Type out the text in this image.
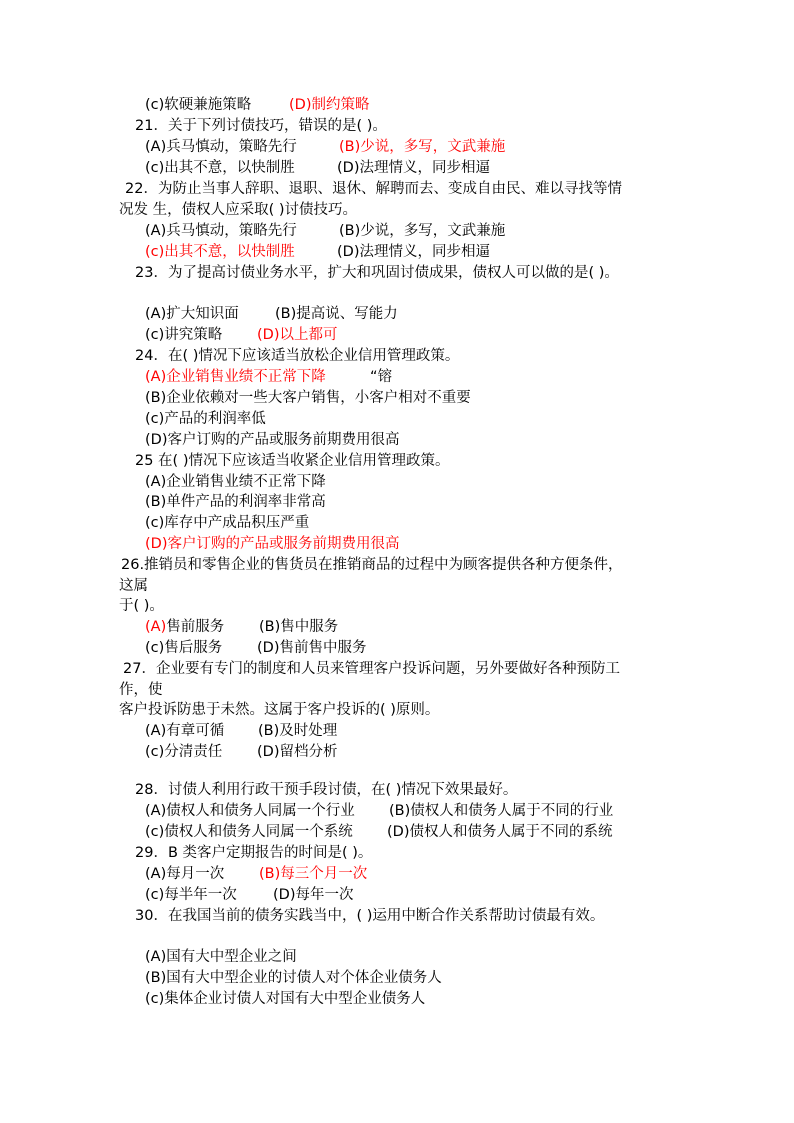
(c)软硬兼施策略	(D)制约策略
21．关于下列讨债技巧，错误的是( )。
(A)兵马慎动，策略先行	(B)少说，多写，文武兼施
(c)出其不意，以快制胜	(D)法理情义，同步相逼
22．为防止当事人辞职、退职、退休、解聘而去、变成自由民、难以寻找等情
况发 生，债权人应采取( )讨债技巧。
(A)兵马慎动，策略先行	(B)少说，多写，文武兼施
(c)出其不意，以快制胜	(D)法理情义，同步相逼
23．为了提高讨债业务水平，扩大和巩固讨债成果，债权人可以做的是( )。
(A)扩大知识面	(B)提高说、写能力
(c)讲究策略 (D)以上都可
24．在( )情况下应该适当放松企业信用管理政策。
(A)企业销售业绩不正常下降	“镕
(B)企业依赖对一些大客户销售，小客户相对不重要
(c)产品的利润率低
(D)客户订购的产品或服务前期费用很高
25 在( )情况下应该适当收紧企业信用管理政策。
(A)企业销售业绩不正常下降
(B)单件产品的利润率非常高
(c)库存中产成品积压严重
(D)客户订购的产品或服务前期费用很高
26.推销员和零售企业的售货员在推销商品的过程中为顾客提供各种方便条件，
这属
于( )。
(A)售前服务 (B)售中服务
(c)售后服务 (D)售前售中服务
27．企业要有专门的制度和人员来管理客户投诉问题，另外要做好各种预防工
作，使
客户投诉防患于未然。这属于客户投诉的( )原则。
(A)有章可循 (B)及时处理
(c)分清责任 (D)留档分析
28．讨债人利用行政干预手段讨债，在( )情况下效果最好。
(A)债权人和债务人同属一个行业 (B)债权人和债务人属于不同的行业
(c)债权人和债务人同属一个系统 (D)债权人和债务人属于不同的系统
29．B 类客户定期报告的时间是( )。
(A)每月一次 (B)每三个月一次
(c)每半年一次 (D)每年一次
30．在我国当前的债务实践当中，( )运用中断合作关系帮助讨债最有效。
(A)国有大中型企业之间
(B)国有大中型企业的讨债人对个体企业债务人
(c)集体企业讨债人对国有大中型企业债务人
